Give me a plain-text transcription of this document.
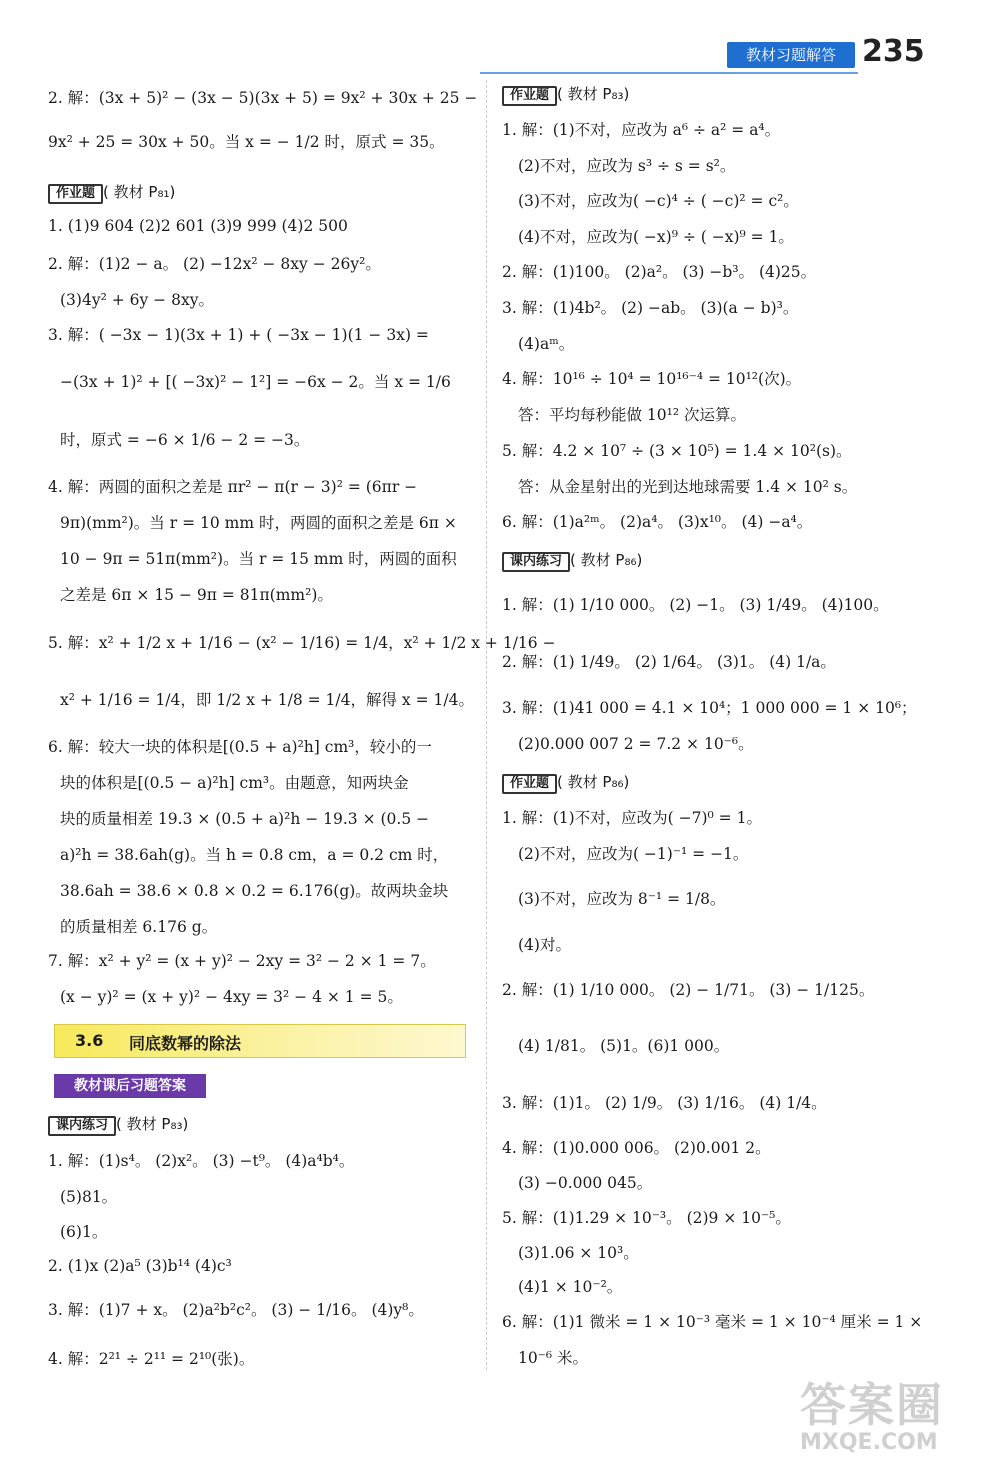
教材习题解答 235
2. 解：(3x + 5)² − (3x − 5)(3x + 5) = 9x² + 30x + 25 −
9x² + 25 = 30x + 50。当 x = − 1/2 时，原式 = 35。
作业题 ( 教材 P₈₁)
1. (1)9 604 (2)2 601 (3)9 999 (4)2 500
2. 解：(1)2 − a。 (2) −12x² − 8xy − 26y²。
(3)4y² + 6y − 8xy。
3. 解：( −3x − 1)(3x + 1) + ( −3x − 1)(1 − 3x) =
−(3x + 1)² + [( −3x)² − 1²] = −6x − 2。当 x = 1/6
时，原式 = −6 × 1/6 − 2 = −3。
4. 解：两圆的面积之差是 πr² − π(r − 3)² = (6πr −
9π)(mm²)。当 r = 10 mm 时，两圆的面积之差是 6π ×
10 − 9π = 51π(mm²)。当 r = 15 mm 时，两圆的面积
之差是 6π × 15 − 9π = 81π(mm²)。
5. 解：x² + 1/2 x + 1/16 − (x² − 1/16) = 1/4，x² + 1/2 x + 1/16 −
x² + 1/16 = 1/4，即 1/2 x + 1/8 = 1/4，解得 x = 1/4。
6. 解：较大一块的体积是[(0.5 + a)²h] cm³，较小的一
块的体积是[(0.5 − a)²h] cm³。由题意，知两块金
块的质量相差 19.3 × (0.5 + a)²h − 19.3 × (0.5 −
a)²h = 38.6ah(g)。当 h = 0.8 cm，a = 0.2 cm 时，
38.6ah = 38.6 × 0.8 × 0.2 = 6.176(g)。故两块金块
的质量相差 6.176 g。
7. 解：x² + y² = (x + y)² − 2xy = 3² − 2 × 1 = 7。
(x − y)² = (x + y)² − 4xy = 3² − 4 × 1 = 5。
课内练习 ( 教材 P₈₃)
1. 解：(1)s⁴。 (2)x²。 (3) −t⁹。 (4)a⁴b⁴。
(5)81。
(6)1。
2. (1)x (2)a⁵ (3)b¹⁴ (4)c³
3. 解：(1)7 + x。 (2)a²b²c²。 (3) − 1/16。 (4)y⁸。
4. 解：2²¹ ÷ 2¹¹ = 2¹⁰(张)。
作业题 ( 教材 P₈₃)
1. 解：(1)不对，应改为 a⁶ ÷ a² = a⁴。
(2)不对，应改为 s³ ÷ s = s²。
(3)不对，应改为( −c)⁴ ÷ ( −c)² = c²。
(4)不对，应改为( −x)⁹ ÷ ( −x)⁹ = 1。
2. 解：(1)100。 (2)a²。 (3) −b³。 (4)25。
3. 解：(1)4b²。 (2) −ab。 (3)(a − b)³。
(4)aᵐ。
4. 解：10¹⁶ ÷ 10⁴ = 10¹⁶⁻⁴ = 10¹²(次)。
答：平均每秒能做 10¹² 次运算。
5. 解：4.2 × 10⁷ ÷ (3 × 10⁵) = 1.4 × 10²(s)。
答：从金星射出的光到达地球需要 1.4 × 10² s。
6. 解：(1)a²ᵐ。 (2)a⁴。 (3)x¹⁰。 (4) −a⁴。
课内练习 ( 教材 P₈₆)
1. 解：(1) 1/10 000。 (2) −1。 (3) 1/49。 (4)100。
2. 解：(1) 1/49。 (2) 1/64。 (3)1。 (4) 1/a。
3. 解：(1)41 000 = 4.1 × 10⁴；1 000 000 = 1 × 10⁶；
(2)0.000 007 2 = 7.2 × 10⁻⁶。
作业题 ( 教材 P₈₆)
1. 解：(1)不对，应改为( −7)⁰ = 1。
(2)不对，应改为( −1)⁻¹ = −1。
(3)不对，应改为 8⁻¹ = 1/8。
(4)对。
2. 解：(1) 1/10 000。 (2) − 1/71。 (3) − 1/125。
(4) 1/81。 (5)1。(6)1 000。
3. 解：(1)1。 (2) 1/9。 (3) 1/16。 (4) 1/4。
4. 解：(1)0.000 006。 (2)0.001 2。
(3) −0.000 045。
5. 解：(1)1.29 × 10⁻³。 (2)9 × 10⁻⁵。
(3)1.06 × 10³。
(4)1 × 10⁻²。
6. 解：(1)1 微米 = 1 × 10⁻³ 毫米 = 1 × 10⁻⁴ 厘米 = 1 ×
10⁻⁶ 米。
3.6 同底数幂的除法
教材课后习题答案
答案圈
MXQE.COM
